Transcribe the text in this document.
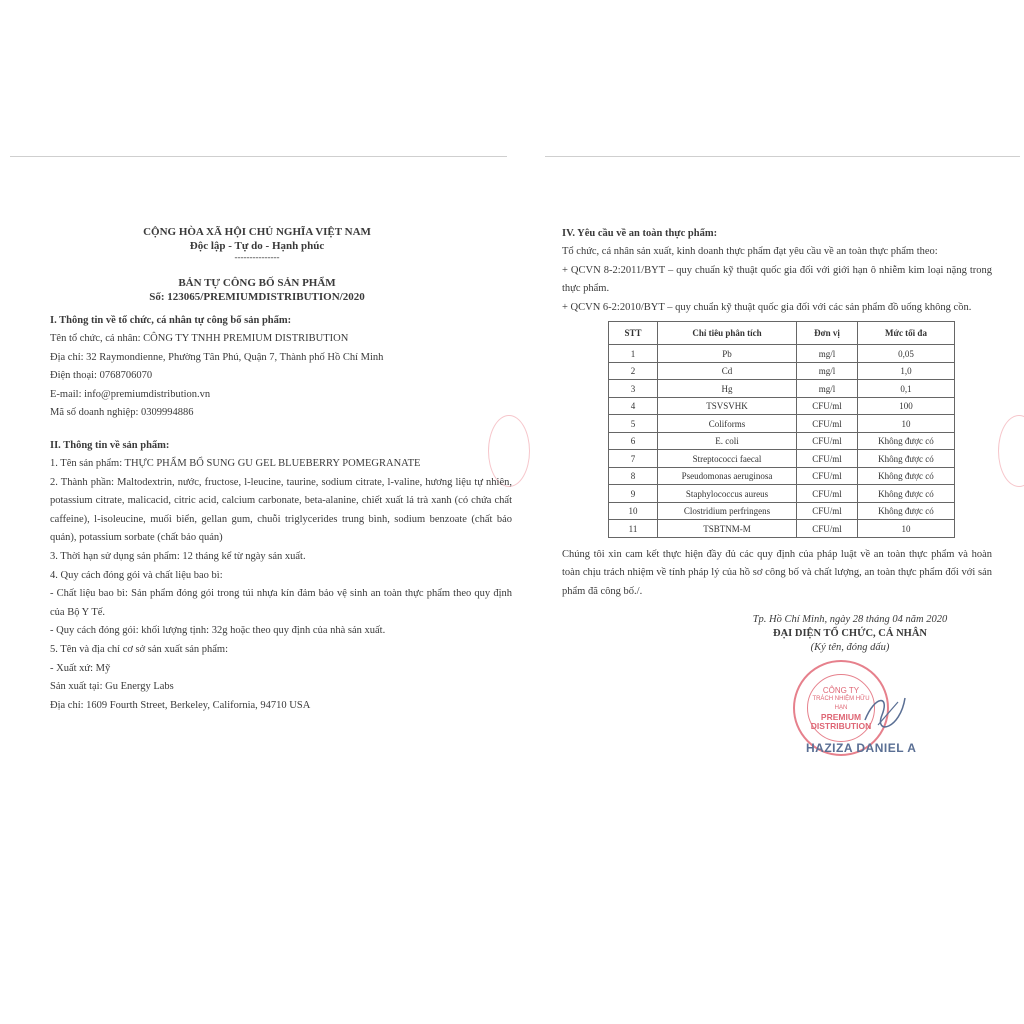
CỘNG HÒA XÃ HỘI CHỦ NGHĨA VIỆT NAM
Độc lập - Tự do - Hạnh phúc
---------------
BẢN TỰ CÔNG BỐ SẢN PHẨM
Số: 123065/PREMIUMDISTRIBUTION/2020
I. Thông tin về tổ chức, cá nhân tự công bố sản phẩm:
Tên tổ chức, cá nhân: CÔNG TY TNHH PREMIUM DISTRIBUTION
Địa chỉ: 32 Raymondienne, Phường Tân Phú, Quận 7, Thành phố Hồ Chí Minh
Điện thoại: 0768706070
E-mail: info@premiumdistribution.vn
Mã số doanh nghiệp: 0309994886
II. Thông tin về sản phẩm:
1. Tên sản phẩm: THỰC PHẨM BỔ SUNG GU GEL BLUEBERRY POMEGRANATE
2. Thành phần: Maltodextrin, nước, fructose, l-leucine, taurine, sodium citrate, l-valine, hương liệu tự nhiên, potassium citrate, malicacid, citric acid, calcium carbonate, beta-alanine, chiết xuất lá trà xanh (có chứa chất caffeine), l-isoleucine, muối biển, gellan gum, chuỗi triglycerides trung bình, sodium benzoate (chất bảo quản), potassium sorbate (chất bảo quản)
3. Thời hạn sử dụng sản phẩm: 12 tháng kể từ ngày sản xuất.
4. Quy cách đóng gói và chất liệu bao bì:
- Chất liệu bao bì: Sản phẩm đóng gói trong túi nhựa kín đảm bảo vệ sinh an toàn thực phẩm theo quy định của Bộ Y Tế.
- Quy cách đóng gói: khối lượng tịnh: 32g hoặc theo quy định của nhà sản xuất.
5. Tên và địa chỉ cơ sở sản xuất sản phẩm:
- Xuất xứ: Mỹ
Sản xuất tại: Gu Energy Labs
Địa chỉ: 1609 Fourth Street, Berkeley, California, 94710 USA
IV. Yêu cầu về an toàn thực phẩm:
Tổ chức, cá nhân sản xuất, kinh doanh thực phẩm đạt yêu cầu về an toàn thực phẩm theo:
+ QCVN 8-2:2011/BYT – quy chuẩn kỹ thuật quốc gia đối với giới hạn ô nhiễm kim loại nặng trong thực phẩm.
+ QCVN 6-2:2010/BYT – quy chuẩn kỹ thuật quốc gia đối với các sản phẩm đồ uống không cồn.
STT	Chỉ tiêu phân tích	Đơn vị	Mức tối đa
1	Pb	mg/l	0,05
2	Cd	mg/l	1,0
3	Hg	mg/l	0,1
4	TSVSVHK	CFU/ml	100
5	Coliforms	CFU/ml	10
6	E. coli	CFU/ml	Không được có
7	Streptococci faecal	CFU/ml	Không được có
8	Pseudomonas aeruginosa	CFU/ml	Không được có
9	Staphylococcus aureus	CFU/ml	Không được có
10	Clostridium perfringens	CFU/ml	Không được có
11	TSBTNM-M	CFU/ml	10
Chúng tôi xin cam kết thực hiện đầy đủ các quy định của pháp luật về an toàn thực phẩm và hoàn toàn chịu trách nhiệm về tính pháp lý của hồ sơ công bố và chất lượng, an toàn thực phẩm đối với sản phẩm đã công bố./.
Tp. Hồ Chí Minh, ngày 28 tháng 04 năm 2020
ĐẠI DIỆN TỔ CHỨC, CÁ NHÂN
(Ký tên, đóng dấu)
CÔNG TY
TRÁCH NHIỆM HỮU HẠN
PREMIUM
DISTRIBUTION
HAZIZA DANIEL A
